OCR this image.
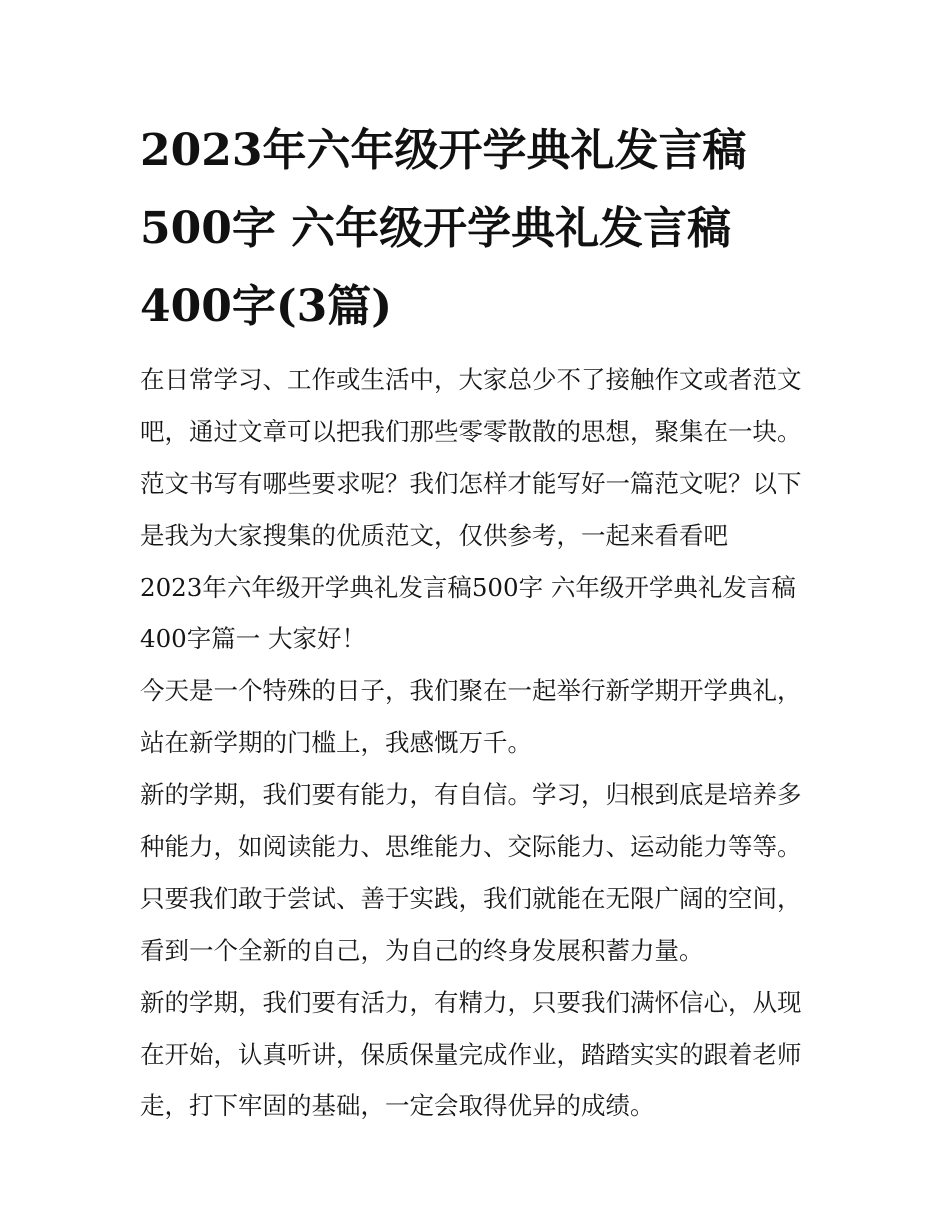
2023年六年级开学典礼发言稿
500字 六年级开学典礼发言稿
400字(3篇)
在日常学习、工作或生活中，大家总少不了接触作文或者范文
吧，通过文章可以把我们那些零零散散的思想，聚集在一块。
范文书写有哪些要求呢？我们怎样才能写好一篇范文呢？以下
是我为大家搜集的优质范文，仅供参考，一起来看看吧
2023年六年级开学典礼发言稿500字 六年级开学典礼发言稿
400字篇一 大家好！
今天是一个特殊的日子，我们聚在一起举行新学期开学典礼，
站在新学期的门槛上，我感慨万千。
新的学期，我们要有能力，有自信。学习，归根到底是培养多
种能力，如阅读能力、思维能力、交际能力、运动能力等等。
只要我们敢于尝试、善于实践，我们就能在无限广阔的空间，
看到一个全新的自己，为自己的终身发展积蓄力量。
新的学期，我们要有活力，有精力，只要我们满怀信心，从现
在开始，认真听讲，保质保量完成作业，踏踏实实的跟着老师
走，打下牢固的基础，一定会取得优异的成绩。
